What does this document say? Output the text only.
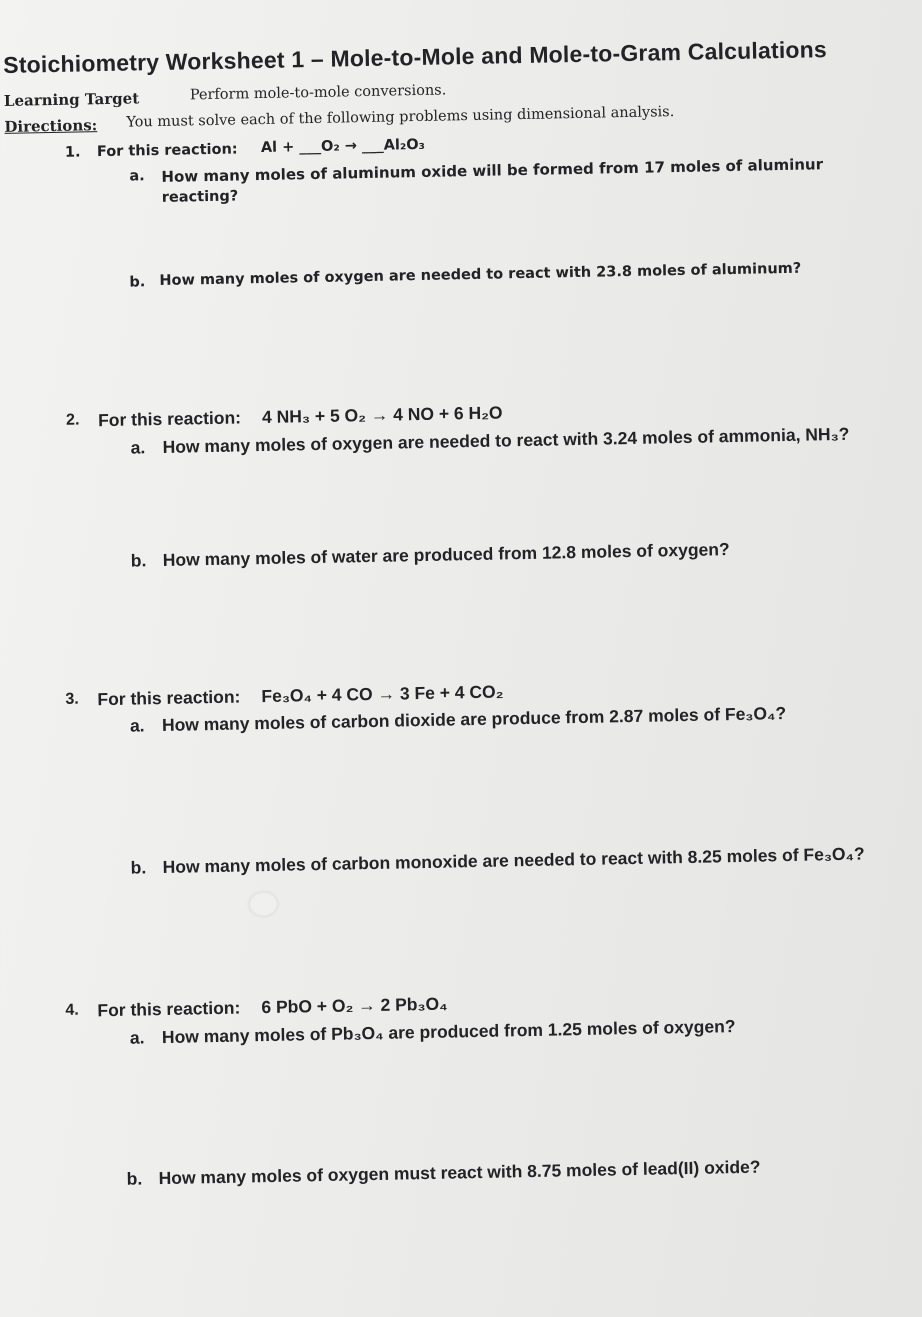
Stoichiometry Worksheet 1 – Mole-to-Mole and Mole-to-Gram Calculations
Learning Target	Perform mole-to-mole conversions.
Directions: You must solve each of the following problems using dimensional analysis.
1. For this reaction: Al + ___O₂ → ___Al₂O₃
a. How many moles of aluminum oxide will be formed from 17 moles of aluminur
reacting?
b. How many moles of oxygen are needed to react with 23.8 moles of aluminum?
2. For this reaction: 4 NH₃ + 5 O₂ → 4 NO + 6 H₂O
a. How many moles of oxygen are needed to react with 3.24 moles of ammonia, NH₃?
b. How many moles of water are produced from 12.8 moles of oxygen?
3. For this reaction: Fe₃O₄ + 4 CO → 3 Fe + 4 CO₂
a. How many moles of carbon dioxide are produce from 2.87 moles of Fe₃O₄?
b. How many moles of carbon monoxide are needed to react with 8.25 moles of Fe₃O₄?
4. For this reaction: 6 PbO + O₂ → 2 Pb₃O₄
a. How many moles of Pb₃O₄ are produced from 1.25 moles of oxygen?
b. How many moles of oxygen must react with 8.75 moles of lead(II) oxide?
